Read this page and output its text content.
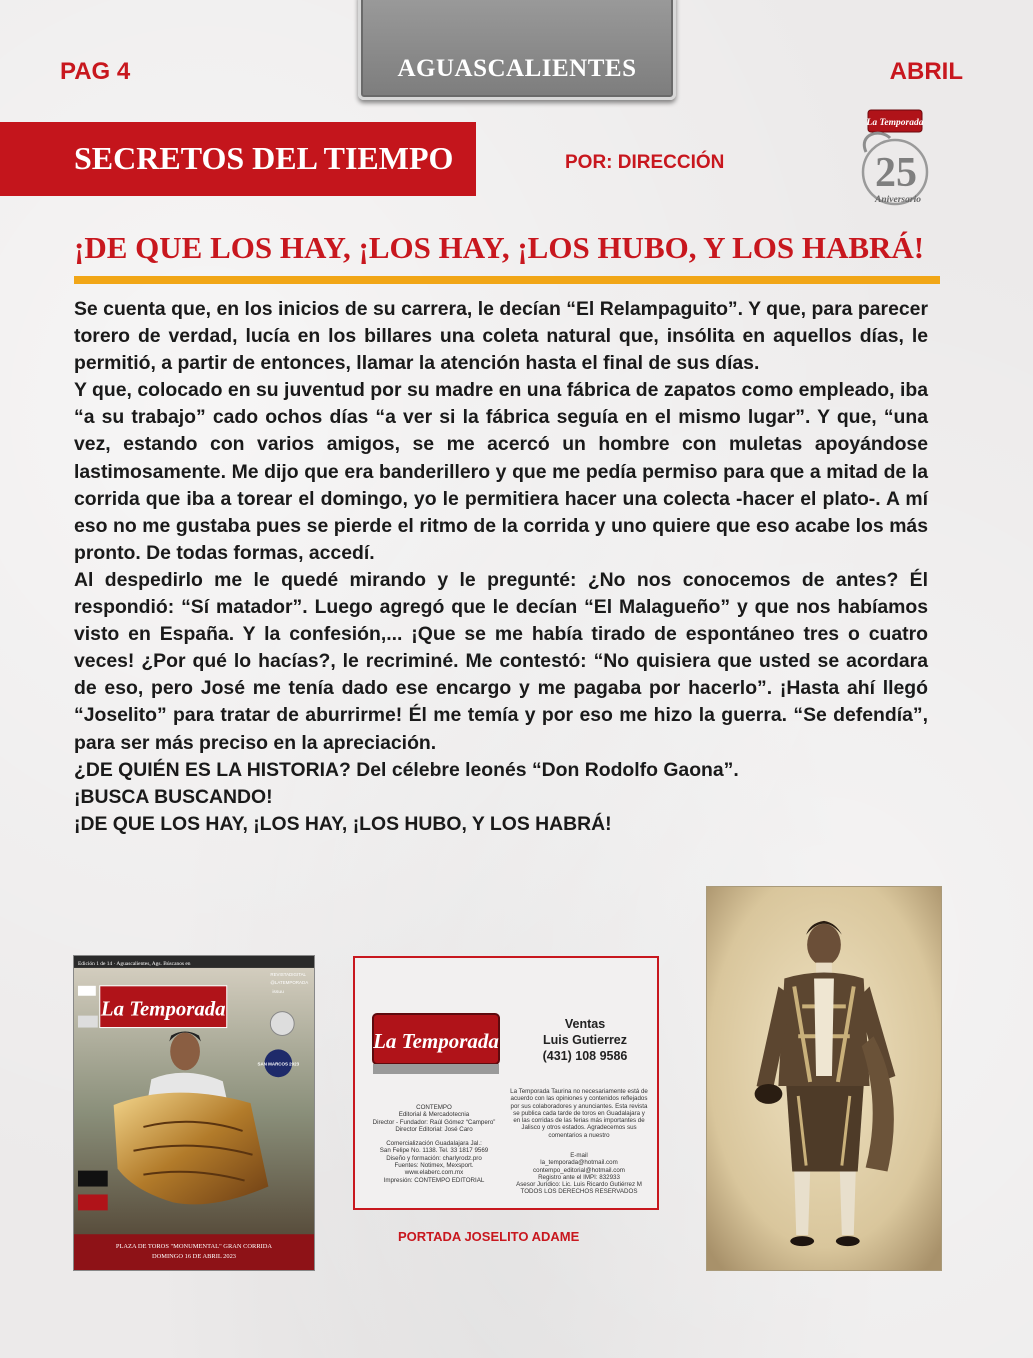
PAG 4	AGUASCALIENTES	ABRIL
SECRETOS DEL TIEMPO	POR: DIRECCIÓN
La Temporada
25
Aniversario
¡DE QUE LOS HAY, ¡LOS HAY, ¡LOS HUBO, Y LOS HABRÁ!

Se cuenta que, en los inicios de su carrera, le decían “El Relampaguito”. Y que, para parecer torero de verdad, lucía en los billares una coleta natural que, insólita en aquellos días, le permitió, a partir de entonces, llamar la atención hasta el final de sus días.

Y que, colocado en su juventud por su madre en una fábrica de zapatos como empleado, iba “a su trabajo” cado ochos días “a ver si la fábrica seguía en el mismo lugar”. Y que, “una vez, estando con varios amigos, se me acercó un hombre con muletas apoyándose lastimosamente. Me dijo que era banderillero y que me pedía permiso para que a mitad de la corrida que iba a torear el domingo, yo le permitiera hacer una colecta -hacer el plato-. A mí eso no me gustaba pues se pierde el ritmo de la corrida y uno quiere que eso acabe los más pronto. De todas formas, accedí.

Al despedirlo me le quedé mirando y le pregunté: ¿No nos conocemos de antes? Él respondió: “Sí matador”. Luego agregó que le decían “El Malagueño” y que nos habíamos visto en España. Y la confesión,... ¡Que se me había tirado de espontáneo tres o cuatro veces! ¿Por qué lo hacías?, le recriminé. Me contestó: “No quisiera que usted se acordara de eso, pero José me tenía dado ese encargo y me pagaba por hacerlo”. ¡Hasta ahí llegó “Joselito” para tratar de aburrirme! Él me temía y por eso me hizo la guerra. “Se defendía”, para ser más preciso en la apreciación.

¿DE QUIÉN ES LA HISTORIA? Del célebre leonés “Don Rodolfo Gaona”.

¡BUSCA BUSCANDO!

¡DE QUE LOS HAY, ¡LOS HAY, ¡LOS HUBO, Y LOS HABRÁ!

Edición 1 de 14 · Aguascalientes, Ags. Búscanos en
La Temporada
REVISTADIGITAL
@LATEMPORADA
issuu
SAN MARCOS 2023
PLAZA DE TOROS "MONUMENTAL" GRAN CORRIDA
DOMINGO 16 DE ABRIL 2023
La Temporada
Ventas
Luis Gutierrez
(431) 108 9586
La Temporada Taurina no necesariamente está de acuerdo con las opiniones y contenidos reflejados por sus colaboradores y anunciantes. Esta revista se publica cada tarde de toros en Guadalajara y en las corridas de las ferias más importantes de Jalisco y otros estados. Agradecemos sus comentarios a nuestro
CONTEMPO
Editorial & Mercadotecnia
Director - Fundador: Raúl Gómez “Campero”
Director Editorial: José Caro
Comercialización Guadalajara Jal.:
San Felipe No. 1138. Tel. 33 1817 9569
Diseño y formación: charlyrodz.pro
Fuentes: Notimex, Mexsport.
www.elaberc.com.mx
Impresión: CONTEMPO EDITORIAL
E-mail
la_temporada@hotmail.com
contempo_editorial@hotmail.com
Registro ante el IMPI: 832933
Asesor Jurídico: Lic. Luis Ricardo Gutiérrez M
TODOS LOS DERECHOS RESERVADOS
PORTADA JOSELITO ADAME
